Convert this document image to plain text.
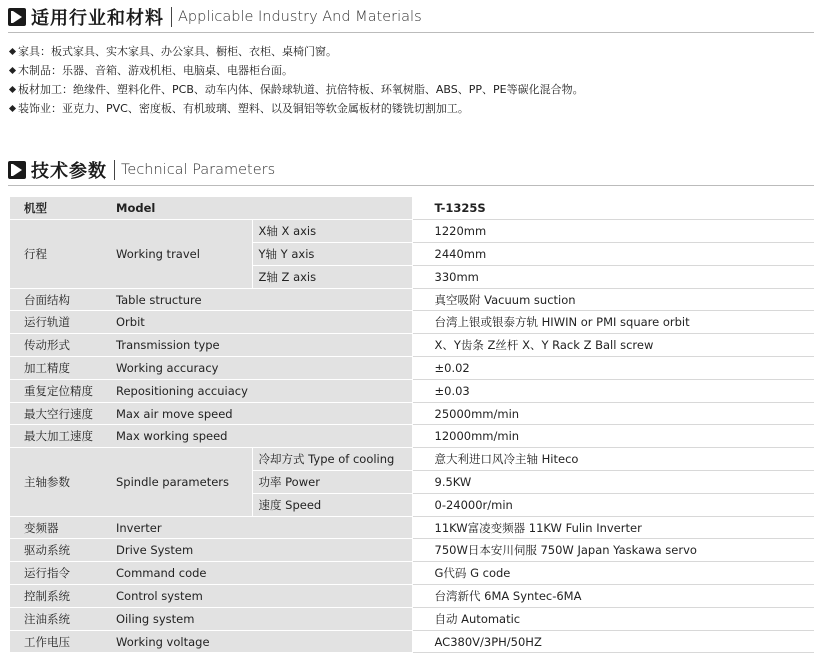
适用行业和材料 Applicable Industry And Materials
家具：板式家具、实木家具、办公家具、橱柜、衣柜、桌椅门窗。
木制品：乐器、音箱、游戏机柜、电脑桌、电器柜台面。
板材加工：绝缘件、塑料化件、PCB、动车内体、保龄球轨道、抗倍特板、环氧树脂、ABS、PP、PE等碳化混合物。
装饰业：亚克力、PVC、密度板、有机玻璃、塑料、以及铜铝等软金属板材的镂铣切割加工。
技术参数 Technical Parameters
机型	Model		T-1325S
行程	Working travel	X轴 X axis	1220mm
		Y轴 Y axis	2440mm
		Z轴 Z axis	330mm
台面结构	Table structure		真空吸附 Vacuum suction
运行轨道	Orbit		台湾上银或银泰方轨 HIWIN or PMI square orbit
传动形式	Transmission type		X、Y齿条 Z丝杆 X、Y Rack Z Ball screw
加工精度	Working accuracy		±0.02
重复定位精度	Repositioning accuiacy		±0.03
最大空行速度	Max air move speed		25000mm/min
最大加工速度	Max working speed		12000mm/min
主轴参数	Spindle parameters	冷却方式 Type of cooling	意大利进口风冷主轴 Hiteco
		功率 Power	9.5KW
		速度 Speed	0-24000r/min
变频器	Inverter		11KW富凌变频器 11KW Fulin Inverter
驱动系统	Drive System		750W日本安川伺服 750W Japan Yaskawa servo
运行指令	Command code		G代码 G code
控制系统	Control system		台湾新代 6MA Syntec-6MA
注油系统	Oiling system		自动 Automatic
工作电压	Working voltage		AC380V/3PH/50HZ
